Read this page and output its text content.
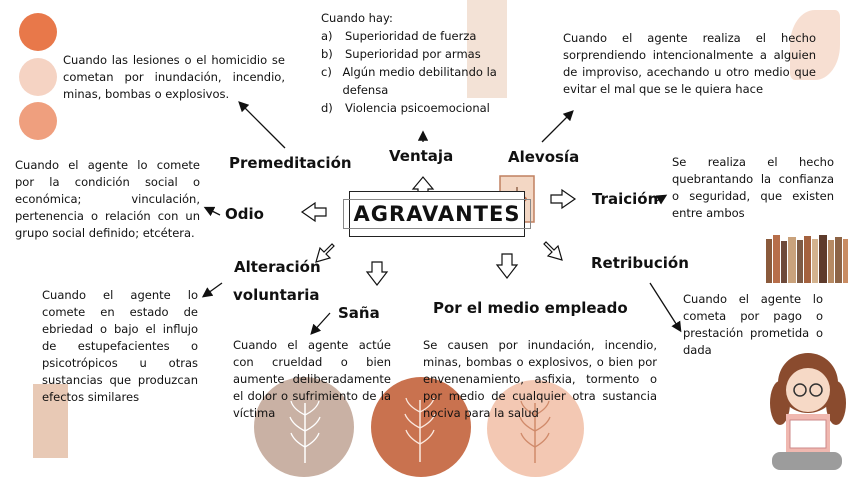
AGRAVANTES
Cuando las lesiones o el homicidio se cometan por inundación, incendio, minas, bombas o explosivos.
Premeditación
Cuando hay:
a) Superioridad de fuerza
b) Superioridad por armas
c) Algún medio debilitando la defensa
d) Violencia psicoemocional
Ventaja
Cuando el agente realiza el hecho sorprendiendo intencionalmente a alguien de improviso, acechando u otro medio que evitar el mal que se le quiera hace
Alevosía
Traición
Se realiza el hecho quebrantando la confianza o seguridad, que existen entre ambos
Cuando el agente lo comete por la condición social o económica; vinculación, pertenencia o relación con un grupo social definido; etcétera.
Odio
Alteración
voluntaria
Cuando el agente lo comete en estado de ebriedad o bajo el influjo de estupefacientes o psicotrópicos u otras sustancias que produzcan efectos similares
Saña
Cuando el agente actúe con crueldad o bien aumente deliberadamente el dolor o sufrimiento de la víctima
Por el medio empleado
Se causen por inundación, incendio, minas, bombas o explosivos, o bien por envenenamiento, asfixia, tormento o por medio de cualquier otra sustancia nociva para la salud
Retribución
Cuando el agente lo cometa por pago o prestación prometida o dada
